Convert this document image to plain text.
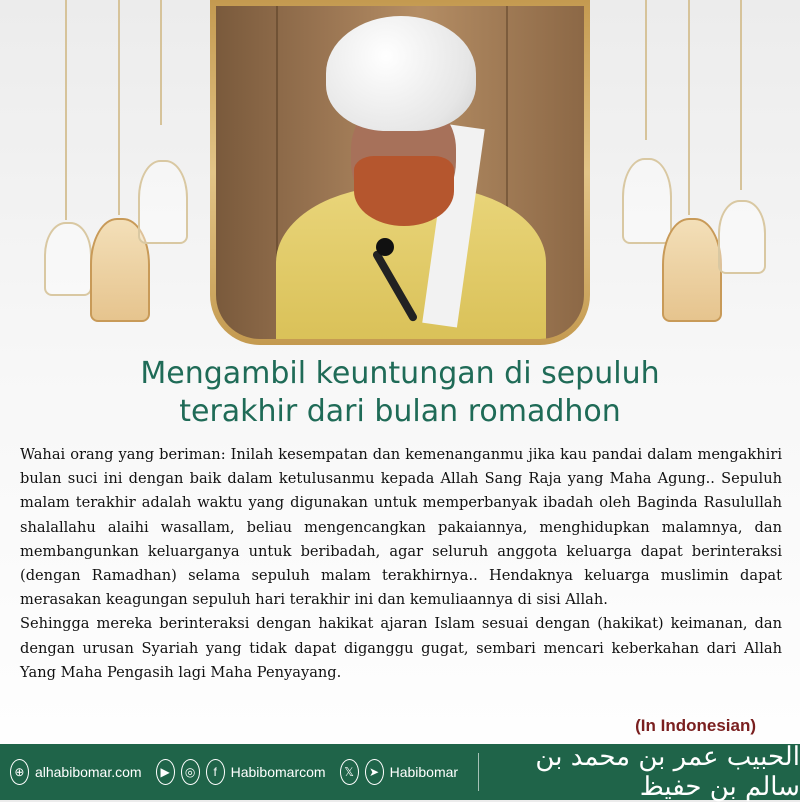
Mengambil keuntungan di sepuluh
terakhir dari bulan romadhon

Wahai orang yang beriman: Inilah kesempatan dan kemenanganmu jika kau pandai dalam mengakhiri bulan suci ini dengan baik dalam ketulusanmu kepada Allah Sang Raja yang Maha Agung.. Sepuluh malam terakhir adalah waktu yang digunakan untuk memperbanyak ibadah oleh Baginda Rasulullah shalallahu alaihi wasallam, beliau mengencangkan pakaiannya, menghidupkan malamnya, dan membangunkan keluarganya untuk beribadah, agar seluruh anggota keluarga dapat berinteraksi (dengan Ramadhan) selama sepuluh malam terakhirnya.. Hendaknya keluarga muslimin dapat merasakan keagungan sepuluh hari terakhir ini dan kemuliaannya di sisi Allah.

Sehingga mereka berinteraksi dengan hakikat ajaran Islam sesuai dengan (hakikat) keimanan, dan dengan urusan Syariah yang tidak dapat diganggu gugat, sembari mencari keberkahan dari Allah Yang Maha Pengasih lagi Maha Penyayang.

(In Indonesian)

⊕ alhabibomar.com	▶	◎	f Habibomarcom	𝕏	➤ Habibomar	الحبيب عمر بن محمد بن سالم بن حفيظ
